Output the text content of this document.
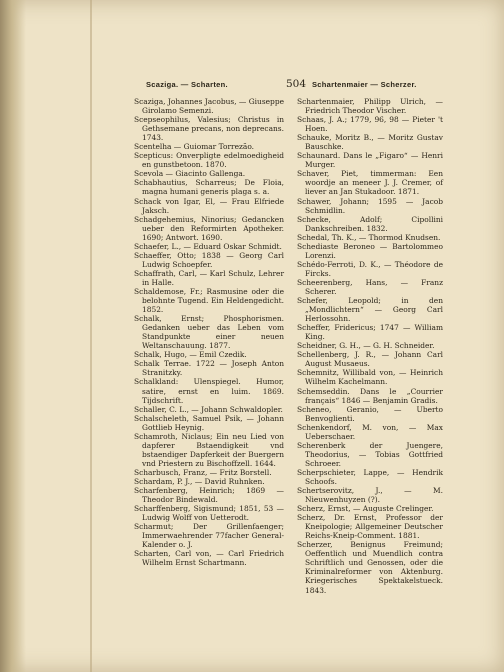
Scaziga. — Scharten.	504 Schartenmaier — Scherzer.

Scaziga, Johannes Jacobus, — Giuseppe Girolamo Semenzi.

Scepseophilus, Valesius; Christus in Gethsemane precans, non deprecans. 1743.

Scentelha — Guiomar Torrezão.

Scepticus: Onverpligte edelmoedigheid en gunstbetoon. 1870.

Scevola — Giacinto Gallenga.

Schabhautius, Scharreus; De Floia, magna humani generis plaga s. a.

Schack von Igar, El, — Frau Elfriede Jaksch.

Schadgehemius, Ninorius; Gedancken ueber den Reformirten Apotheker. 1690; Antwort. 1690.

Schaefer, L., — Eduard Oskar Schmidt.

Schaeffer, Otto; 1838 — Georg Carl Ludwig Schoepfer.

Schaffrath, Carl, — Karl Schulz, Lehrer in Halle.

Schaldemose, Fr.; Rasmusine oder die belohnte Tugend. Ein Heldengedicht. 1852.

Schalk, Ernst; Phosphorismen. Gedanken ueber das Leben vom Standpunkte einer neuen Weltanschauung. 1877.

Schalk, Hugo, — Emil Czedik.

Schalk Terrae. 1722 — Joseph Anton Stranitzky.

Schalkland: Ulenspiegel. Humor, satire, ernst en luim. 1869. Tijdschrift.

Schaller, C. L., — Johann Schwaldopler.

Schalscheleth, Samuel Psik, — Johann Gottlieb Heynig.

Schamroth, Niclaus; Ein neu Lied von dapferer Bstaendigkeit vnd bstaendiger Dapferkeit der Buergern vnd Priestern zu Bischoffzell. 1644.

Scharbusch, Franz, — Fritz Borstell.

Schardam, P. J., — David Ruhnken.

Scharfenberg, Heinrich; 1869 — Theodor Bindewald.

Scharffenberg, Sigismund; 1851, 53 — Ludwig Wolff von Uetterodt.

Scharmut; Der Grillenfaenger; Immerwaehrender 77facher General-Kalender o. J.

Scharten, Carl von, — Carl Friedrich Wilhelm Ernst Schartmann.

Schartenmaier, Philipp Ulrich, — Friedrich Theodor Vischer.

Schaas, J. A.; 1779, 96, 98 — Pieter 't Hoen.

Schauke, Moritz B., — Moritz Gustav Bauschke.

Schaunard. Dans le „Figaro“ — Henri Murger.

Schaver, Piet, timmerman: Een woordje an meneer J. J. Cremer, of liever an Jan Stukadoor. 1871.

Schawer, Johann; 1595 — Jacob Schmidlin.

Schecke, Adolf; Cipollini Dankschreiben. 1832.

Schedal, Th. K., — Thormod Knudsen.

Schediaste Beroneo — Bartolommeo Lorenzi.

Schédo-Ferroti, D. K., — Théodore de Fircks.

Scheerenberg, Hans, — Franz Scherer.

Schefer, Leopold; in den „Mondlichtern“ — Georg Carl Herlossohn.

Scheffer, Fridericus; 1747 — William King.

Scheidner, G. H., — G. H. Schneider.

Schellenberg, J. R., — Johann Carl August Musaeus.

Schemnitz, Willibald von, — Heinrich Wilhelm Kachelmann.

Schemseddin. Dans le „Courrier français“ 1846 — Benjamin Gradis.

Scheneo, Geranio, — Uberto Benvoglienti.

Schenkendorf, M. von, — Max Ueberschaer.

Scherenberk der Juengere, Theodorius, — Tobias Gottfried Schroeer.

Scherpschieter, Lappe, — Hendrik Schoofs.

Schertserovitz, J., — M. Nieuwenhuyzen (?).

Scherz, Ernst, — Auguste Crelinger.

Scherz, Dr. Ernst, Professor der Kneipologie; Allgemeiner Deutscher Reichs-Kneip-Comment. 1881.

Scherzer, Benignus Freimund; Oeffentlich und Muendlich contra Schriftlich und Genossen, oder die Kriminalreformer von Aktenburg. Kriegerisches Spektakelstueck. 1843.
